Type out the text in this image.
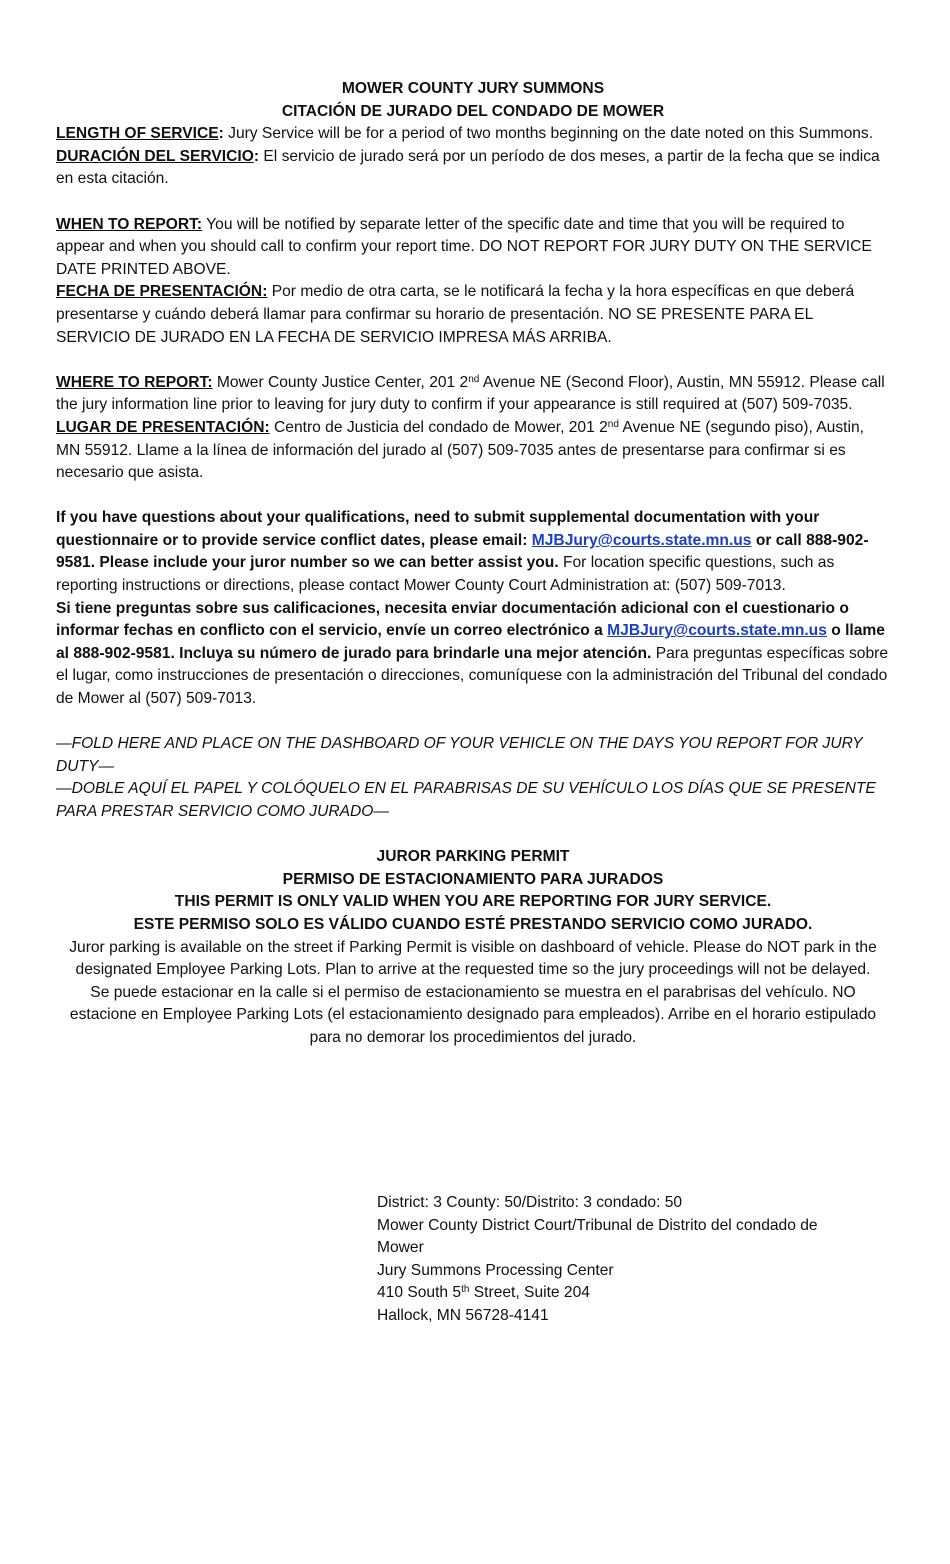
MOWER COUNTY JURY SUMMONS

CITACIÓN DE JURADO DEL CONDADO DE MOWER

LENGTH OF SERVICE: Jury Service will be for a period of two months beginning on the date noted on this Summons.

DURACIÓN DEL SERVICIO: El servicio de jurado será por un período de dos meses, a partir de la fecha que se indica en esta citación.

WHEN TO REPORT: You will be notified by separate letter of the specific date and time that you will be required to appear and when you should call to confirm your report time. DO NOT REPORT FOR JURY DUTY ON THE SERVICE DATE PRINTED ABOVE.

FECHA DE PRESENTACIÓN: Por medio de otra carta, se le notificará la fecha y la hora específicas en que deberá presentarse y cuándo deberá llamar para confirmar su horario de presentación. NO SE PRESENTE PARA EL SERVICIO DE JURADO EN LA FECHA DE SERVICIO IMPRESA MÁS ARRIBA.

WHERE TO REPORT: Mower County Justice Center, 201 2nd Avenue NE (Second Floor), Austin, MN 55912. Please call the jury information line prior to leaving for jury duty to confirm if your appearance is still required at (507) 509-7035.

LUGAR DE PRESENTACIÓN: Centro de Justicia del condado de Mower, 201 2nd Avenue NE (segundo piso), Austin, MN 55912. Llame a la línea de información del jurado al (507) 509-7035 antes de presentarse para confirmar si es necesario que asista.

If you have questions about your qualifications, need to submit supplemental documentation with your questionnaire or to provide service conflict dates, please email: MJBJury@courts.state.mn.us or call 888-902-9581. Please include your juror number so we can better assist you. For location specific questions, such as reporting instructions or directions, please contact Mower County Court Administration at: (507) 509-7013.

Si tiene preguntas sobre sus calificaciones, necesita enviar documentación adicional con el cuestionario o informar fechas en conflicto con el servicio, envíe un correo electrónico a MJBJury@courts.state.mn.us o llame al 888-902-9581. Incluya su número de jurado para brindarle una mejor atención. Para preguntas específicas sobre el lugar, como instrucciones de presentación o direcciones, comuníquese con la administración del Tribunal del condado de Mower al (507) 509-7013.

—FOLD HERE AND PLACE ON THE DASHBOARD OF YOUR VEHICLE ON THE DAYS YOU REPORT FOR JURY DUTY—

—DOBLE AQUÍ EL PAPEL Y COLÓQUELO EN EL PARABRISAS DE SU VEHÍCULO LOS DÍAS QUE SE PRESENTE PARA PRESTAR SERVICIO COMO JURADO—

JUROR PARKING PERMIT

PERMISO DE ESTACIONAMIENTO PARA JURADOS

THIS PERMIT IS ONLY VALID WHEN YOU ARE REPORTING FOR JURY SERVICE.

ESTE PERMISO SOLO ES VÁLIDO CUANDO ESTÉ PRESTANDO SERVICIO COMO JURADO.

Juror parking is available on the street if Parking Permit is visible on dashboard of vehicle. Please do NOT park in the designated Employee Parking Lots. Plan to arrive at the requested time so the jury proceedings will not be delayed.

Se puede estacionar en la calle si el permiso de estacionamiento se muestra en el parabrisas del vehículo. NO estacione en Employee Parking Lots (el estacionamiento designado para empleados). Arribe en el horario estipulado para no demorar los procedimientos del jurado.

District: 3 County: 50/Distrito: 3 condado: 50

Mower County District Court/Tribunal de Distrito del condado de Mower

Jury Summons Processing Center

410 South 5th Street, Suite 204

Hallock, MN 56728-4141
